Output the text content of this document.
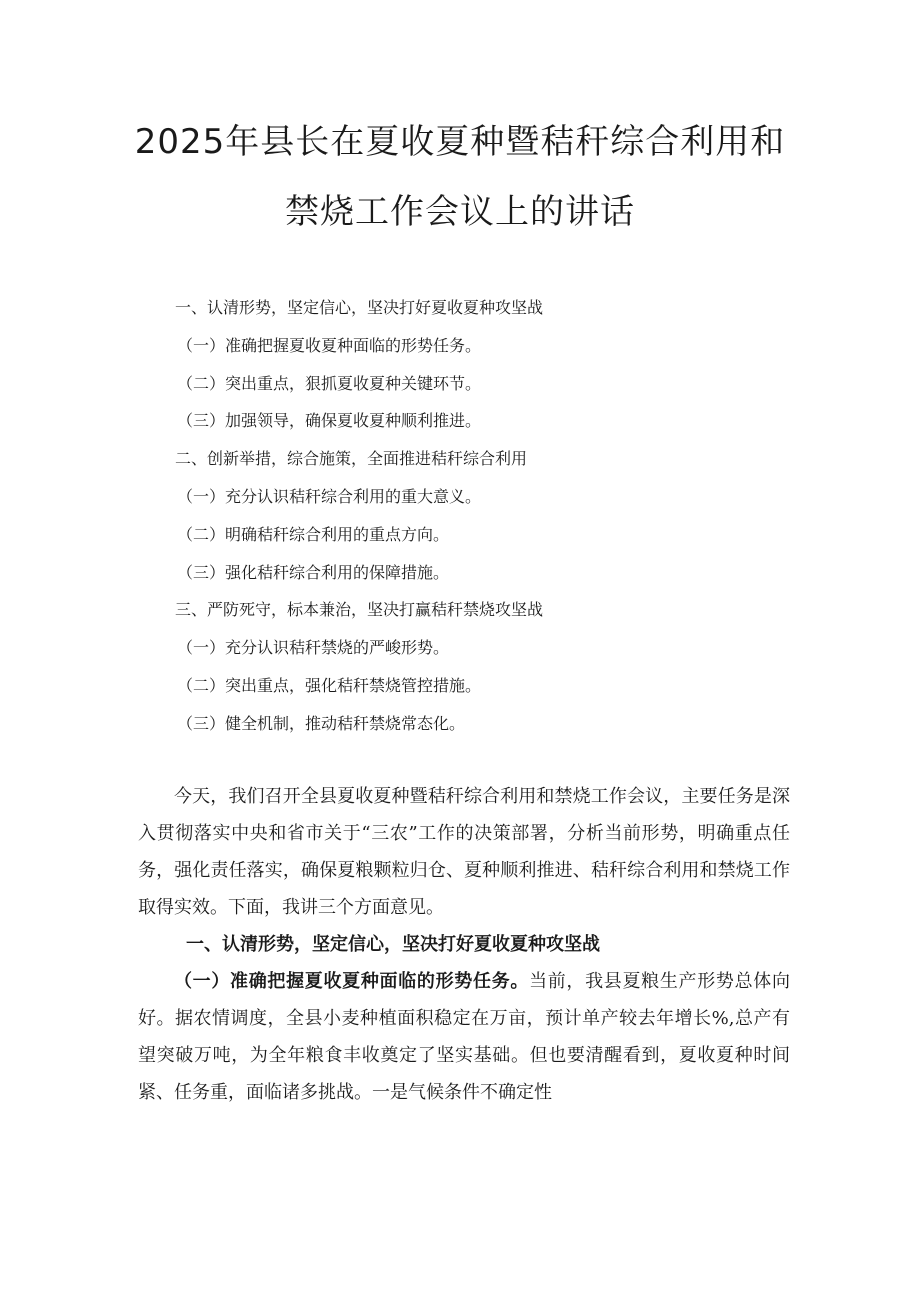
2025年县长在夏收夏种暨秸秆综合利用和
禁烧工作会议上的讲话
一、认清形势，坚定信心，坚决打好夏收夏种攻坚战
（一）准确把握夏收夏种面临的形势任务。
（二）突出重点，狠抓夏收夏种关键环节。
（三）加强领导，确保夏收夏种顺利推进。
二、创新举措，综合施策，全面推进秸秆综合利用
（一）充分认识秸秆综合利用的重大意义。
（二）明确秸秆综合利用的重点方向。
（三）强化秸秆综合利用的保障措施。
三、严防死守，标本兼治，坚决打赢秸秆禁烧攻坚战
（一）充分认识秸秆禁烧的严峻形势。
（二）突出重点，强化秸秆禁烧管控措施。
（三）健全机制，推动秸秆禁烧常态化。

今天，我们召开全县夏收夏种暨秸秆综合利用和禁烧工作会议，主要任务是深入贯彻落实中央和省市关于“三农”工作的决策部署，分析当前形势，明确重点任务，强化责任落实，确保夏粮颗粒归仓、夏种顺利推进、秸秆综合利用和禁烧工作取得实效。下面，我讲三个方面意见。

一、认清形势，坚定信心，坚决打好夏收夏种攻坚战

（一）准确把握夏收夏种面临的形势任务。当前，我县夏粮生产形势总体向好。据农情调度，全县小麦种植面积稳定在万亩，预计单产较去年增长%,总产有望突破万吨，为全年粮食丰收奠定了坚实基础。但也要清醒看到，夏收夏种时间紧、任务重，面临诸多挑战。一是气候条件不确定性
